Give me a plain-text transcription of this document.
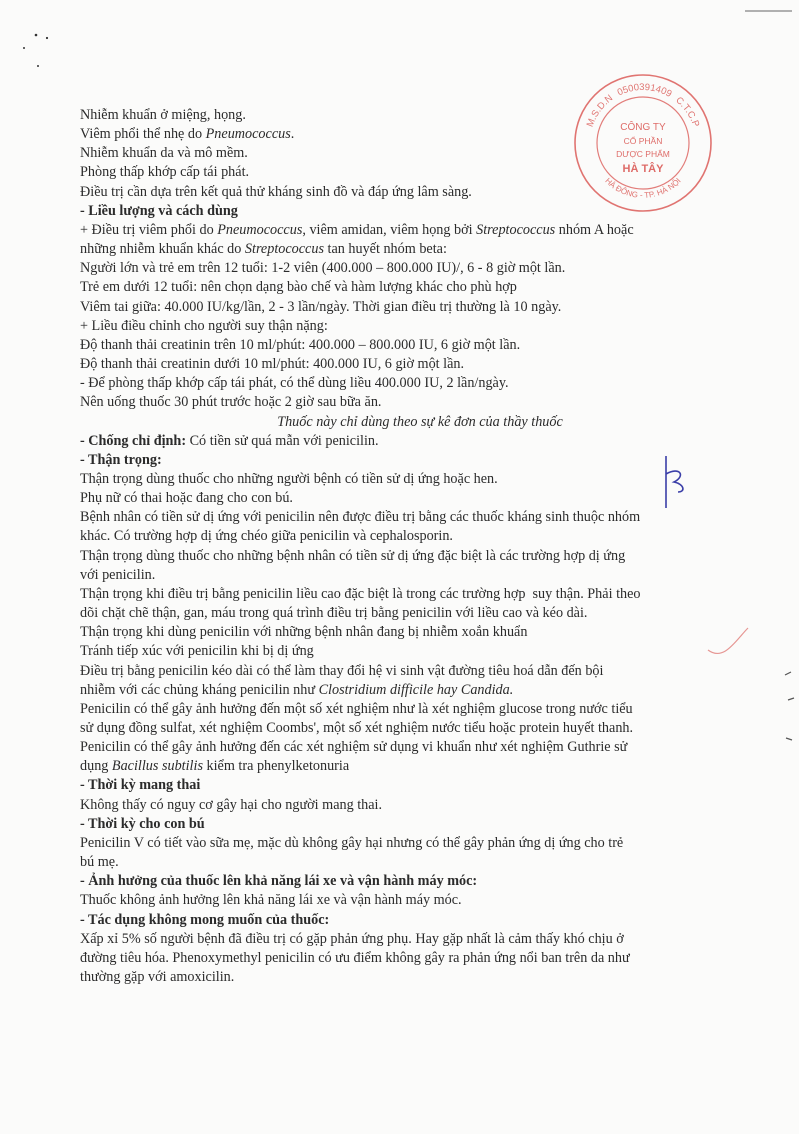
Nhiễm khuẩn ở miệng, họng.

Viêm phổi thể nhẹ do Pneumococcus.

Nhiễm khuẩn da và mô mềm.

Phòng thấp khớp cấp tái phát.

Điều trị cần dựa trên kết quả thử kháng sinh đồ và đáp ứng lâm sàng.

- Liều lượng và cách dùng

+ Điều trị viêm phổi do Pneumococcus, viêm amidan, viêm họng bởi Streptococcus nhóm A hoặc

những nhiễm khuẩn khác do Streptococcus tan huyết nhóm beta:

Người lớn và trẻ em trên 12 tuổi: 1-2 viên (400.000 – 800.000 IU)/, 6 - 8 giờ một lần.

Trẻ em dưới 12 tuổi: nên chọn dạng bào chế và hàm lượng khác cho phù hợp

Viêm tai giữa: 40.000 IU/kg/lần, 2 - 3 lần/ngày. Thời gian điều trị thường là 10 ngày.

+ Liều điều chỉnh cho người suy thận nặng:

Độ thanh thải creatinin trên 10 ml/phút: 400.000 – 800.000 IU, 6 giờ một lần.

Độ thanh thải creatinin dưới 10 ml/phút: 400.000 IU, 6 giờ một lần.

- Để phòng thấp khớp cấp tái phát, có thể dùng liều 400.000 IU, 2 lần/ngày.

Nên uống thuốc 30 phút trước hoặc 2 giờ sau bữa ăn.

Thuốc này chỉ dùng theo sự kê đơn của thầy thuốc

- Chống chỉ định: Có tiền sử quá mẫn với penicilin.

- Thận trọng:

Thận trọng dùng thuốc cho những người bệnh có tiền sử dị ứng hoặc hen.

Phụ nữ có thai hoặc đang cho con bú.

Bệnh nhân có tiền sử dị ứng với penicilin nên được điều trị bằng các thuốc kháng sinh thuộc nhóm

khác. Có trường hợp dị ứng chéo giữa penicilin và cephalosporin.

Thận trọng dùng thuốc cho những bệnh nhân có tiền sử dị ứng đặc biệt là các trường hợp dị ứng

với penicilin.

Thận trọng khi điều trị bằng penicilin liều cao đặc biệt là trong các trường hợp  suy thận. Phải theo

dõi chặt chẽ thận, gan, máu trong quá trình điều trị bằng penicilin với liều cao và kéo dài.

Thận trọng khi dùng penicilin với những bệnh nhân đang bị nhiễm xoắn khuẩn

Tránh tiếp xúc với penicilin khi bị dị ứng

Điều trị bằng penicilin kéo dài có thể làm thay đổi hệ vi sinh vật đường tiêu hoá dẫn đến bội

nhiễm với các chủng kháng penicilin như Clostridium difficile hay Candida.

Penicilin có thể gây ảnh hưởng đến một số xét nghiệm như là xét nghiệm glucose trong nước tiểu

sử dụng đồng sulfat, xét nghiệm Coombs', một số xét nghiệm nước tiểu hoặc protein huyết thanh.

Penicilin có thể gây ảnh hưởng đến các xét nghiệm sử dụng vi khuẩn như xét nghiệm Guthrie sử

dụng Bacillus subtilis kiểm tra phenylketonuria

- Thời kỳ mang thai

Không thấy có nguy cơ gây hại cho người mang thai.

- Thời kỳ cho con bú

Penicilin V có tiết vào sữa mẹ, mặc dù không gây hại nhưng có thể gây phản ứng dị ứng cho trẻ

bú mẹ.

- Ảnh hưởng của thuốc lên khả năng lái xe và vận hành máy móc:

Thuốc không ảnh hưởng lên khả năng lái xe và vận hành máy móc.

- Tác dụng không mong muốn của thuốc:

Xấp xỉ 5% số người bệnh đã điều trị có gặp phản ứng phụ. Hay gặp nhất là cảm thấy khó chịu ở

đường tiêu hóa. Phenoxymethyl penicilin có ưu điểm không gây ra phản ứng nổi ban trên da như

thường gặp với amoxicilin.

M.S.D.N 0500391409 C.T.C.P
HÀ ĐÔNG - TP. HÀ NỘI
CÔNG TY
CỔ PHẦN
DƯỢC PHẨM
HÀ TÂY
